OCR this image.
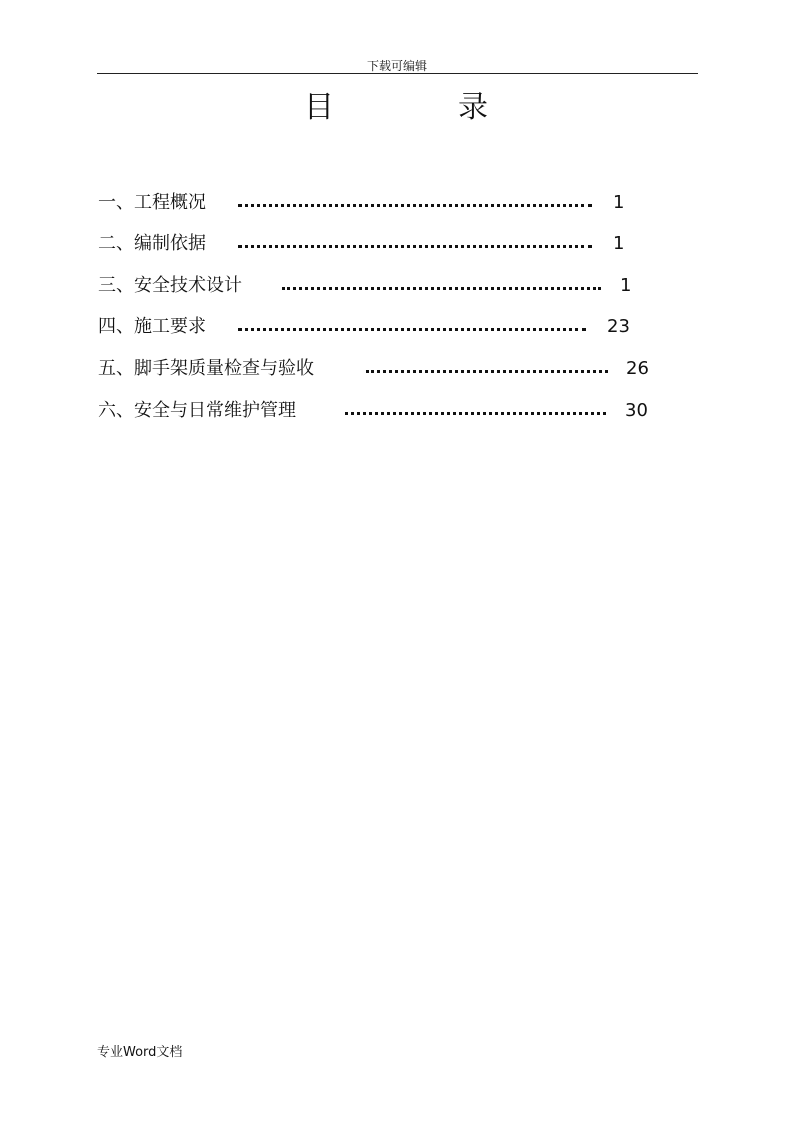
下载可编辑
目	录
一、工程概况	1
二、编制依据	1
三、安全技术设计	1
四、施工要求	23
五、脚手架质量检查与验收	26
六、安全与日常维护管理	30
专业Word文档
